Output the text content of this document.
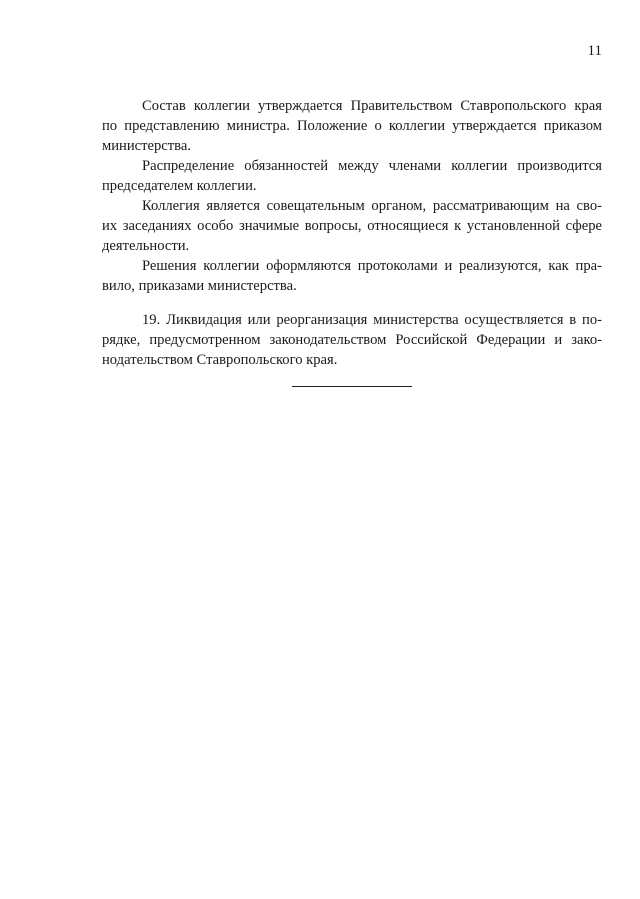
11

Состав коллегии утверждается Правительством Ставропольского края
по представлению министра. Положение о коллегии утверждается приказом
министерства.

Распределение обязанностей между членами коллегии производится
председателем коллегии.

Коллегия является совещательным органом, рассматривающим на сво-
их заседаниях особо значимые вопросы, относящиеся к установленной сфере
деятельности.

Решения коллегии оформляются протоколами и реализуются, как пра-
вило, приказами министерства.

19. Ликвидация или реорганизация министерства осуществляется в по-
рядке, предусмотренном законодательством Российской Федерации и зако-
нодательством Ставропольского края.
